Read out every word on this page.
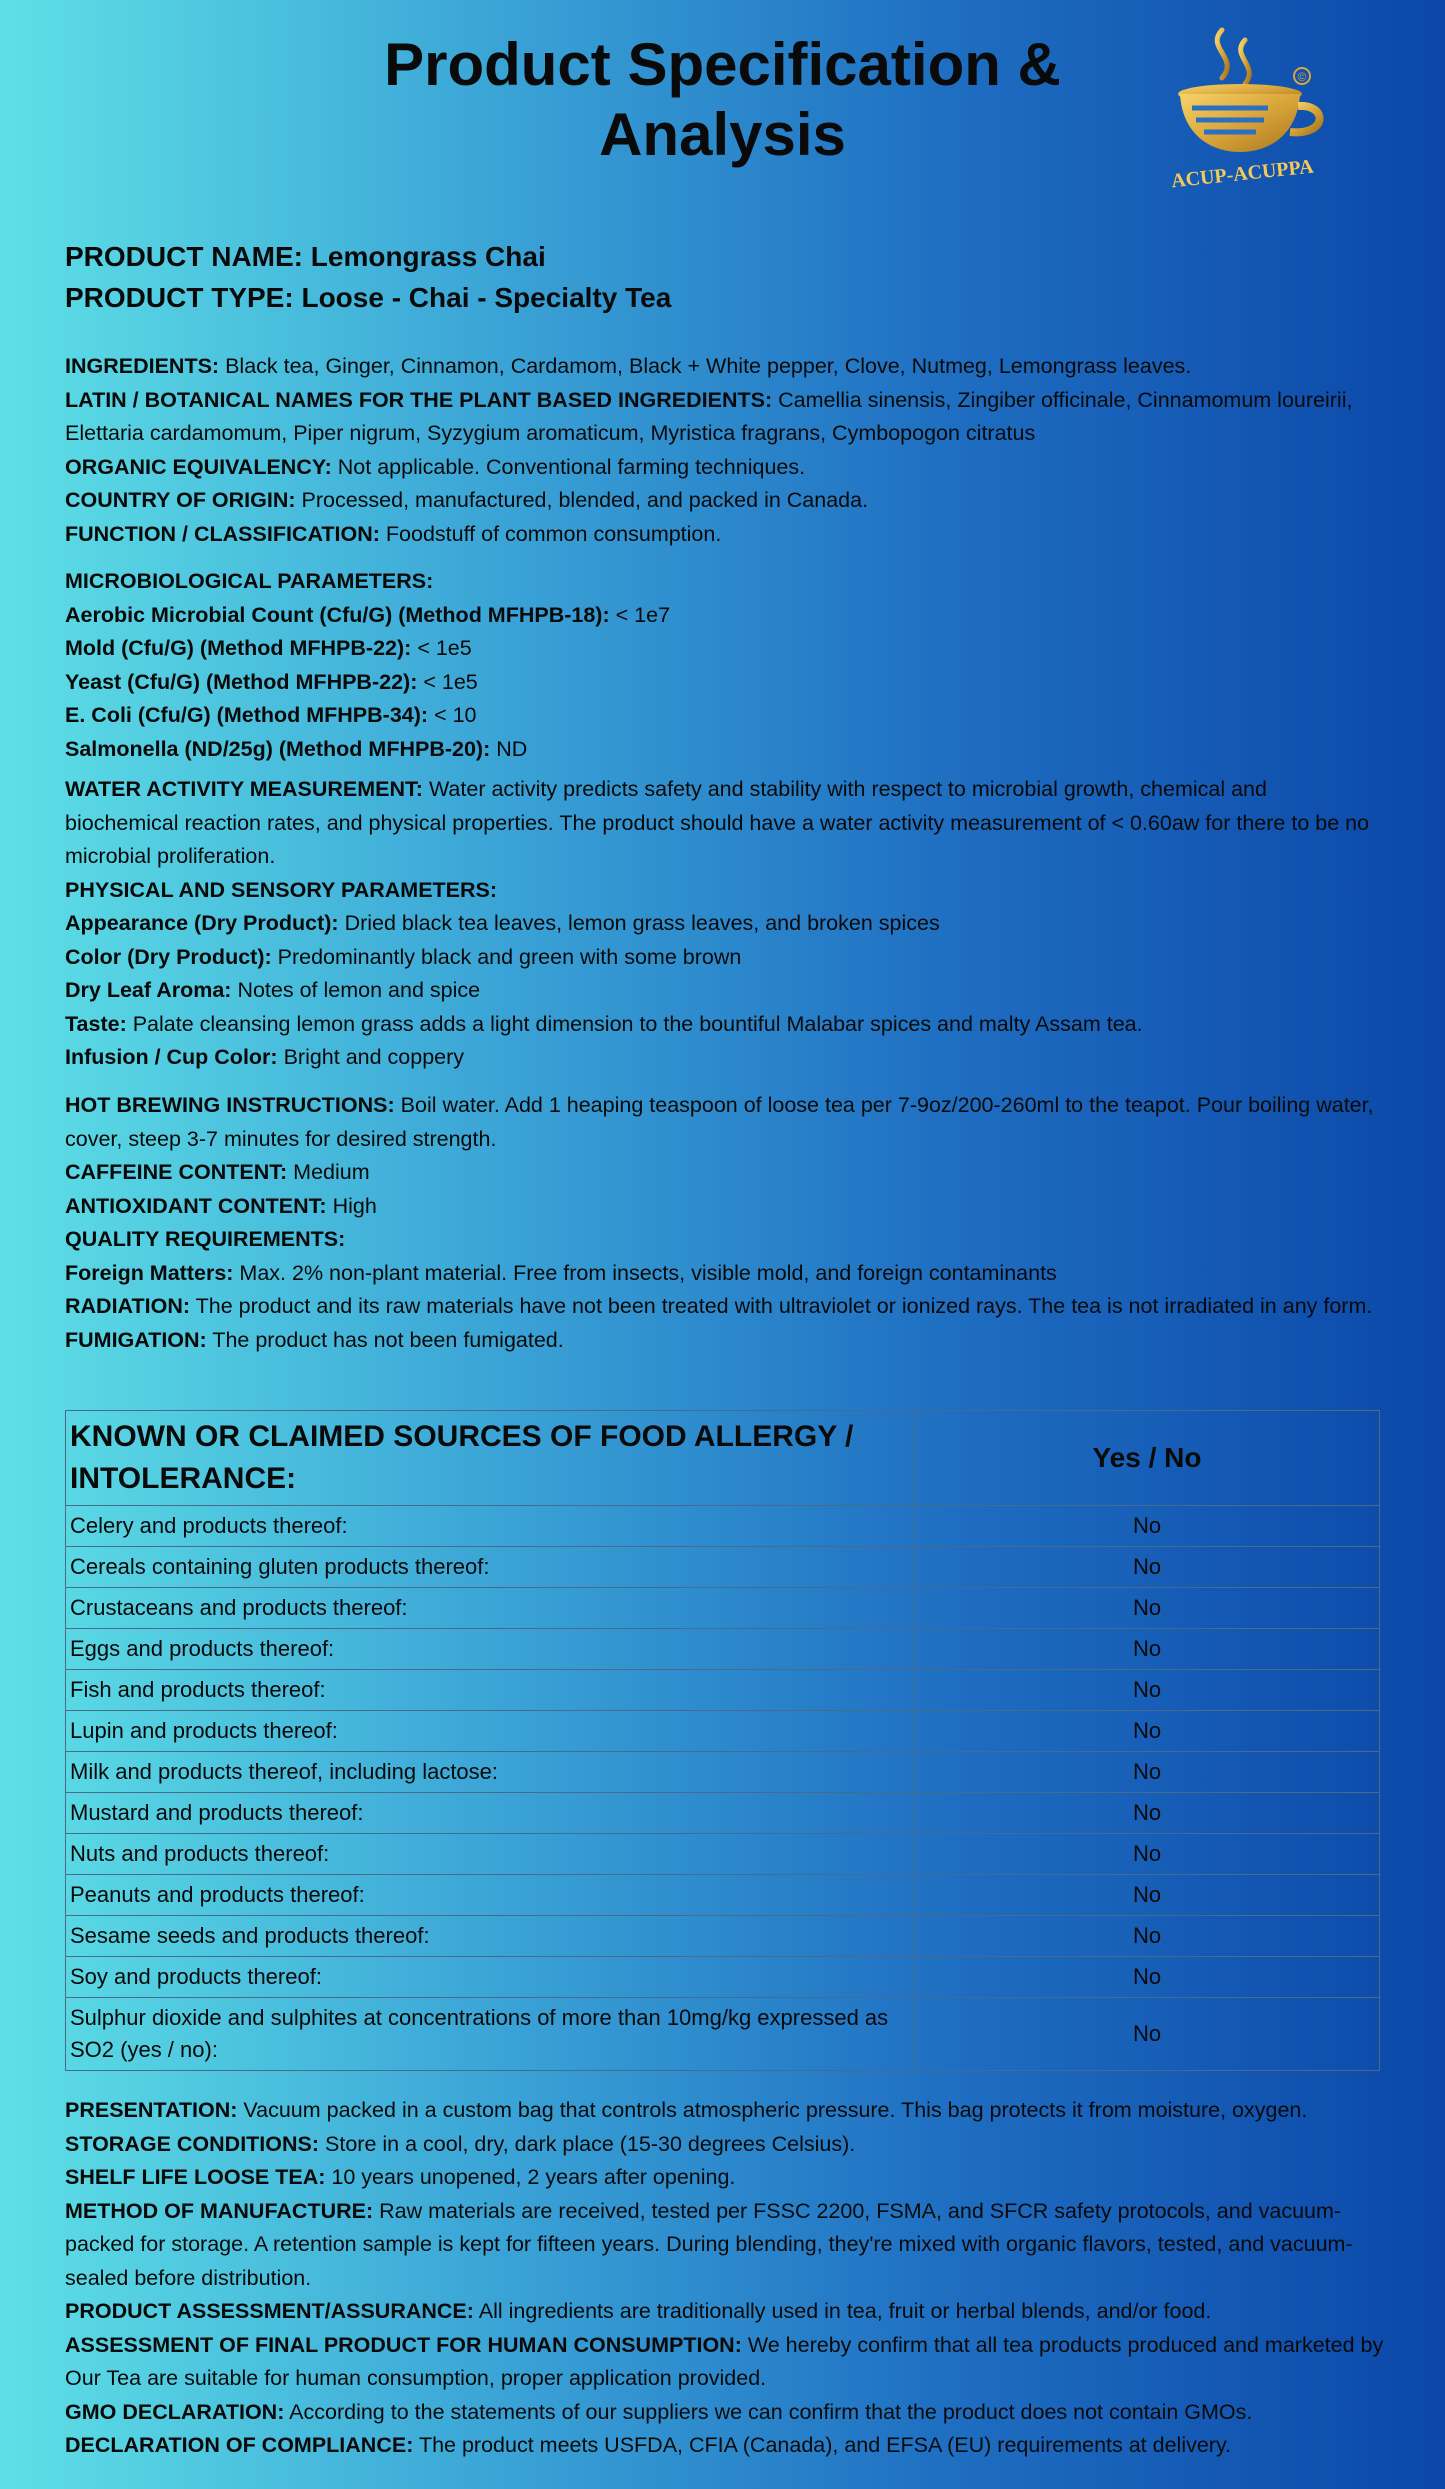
Product Specification &
Analysis
©
ACUP-ACUPPA
PRODUCT NAME: Lemongrass Chai
PRODUCT TYPE: Loose - Chai - Specialty Tea

INGREDIENTS: Black tea, Ginger, Cinnamon, Cardamom, Black + White pepper, Clove, Nutmeg, Lemongrass leaves.

LATIN / BOTANICAL NAMES FOR THE PLANT BASED INGREDIENTS: Camellia sinensis, Zingiber officinale, Cinnamomum loureirii, Elettaria cardamomum, Piper nigrum, Syzygium aromaticum, Myristica fragrans, Cymbopogon citratus

ORGANIC EQUIVALENCY: Not applicable. Conventional farming techniques.

COUNTRY OF ORIGIN: Processed, manufactured, blended, and packed in Canada.

FUNCTION / CLASSIFICATION: Foodstuff of common consumption.

MICROBIOLOGICAL PARAMETERS:

Aerobic Microbial Count (Cfu/G) (Method MFHPB-18): < 1e7

Mold (Cfu/G) (Method MFHPB-22): < 1e5

Yeast (Cfu/G) (Method MFHPB-22): < 1e5

E. Coli (Cfu/G) (Method MFHPB-34): < 10

Salmonella (ND/25g) (Method MFHPB-20): ND

WATER ACTIVITY MEASUREMENT: Water activity predicts safety and stability with respect to microbial growth, chemical and biochemical reaction rates, and physical properties. The product should have a water activity measurement of < 0.60aw for there to be no microbial proliferation.

PHYSICAL AND SENSORY PARAMETERS:

Appearance (Dry Product): Dried black tea leaves, lemon grass leaves, and broken spices

Color (Dry Product): Predominantly black and green with some brown

Dry Leaf Aroma: Notes of lemon and spice

Taste: Palate cleansing lemon grass adds a light dimension to the bountiful Malabar spices and malty Assam tea.

Infusion / Cup Color: Bright and coppery

HOT BREWING INSTRUCTIONS: Boil water. Add 1 heaping teaspoon of loose tea per 7-9oz/200-260ml to the teapot. Pour boiling water, cover, steep 3-7 minutes for desired strength.

CAFFEINE CONTENT: Medium

ANTIOXIDANT CONTENT: High

QUALITY REQUIREMENTS:

Foreign Matters: Max. 2% non-plant material. Free from insects, visible mold, and foreign contaminants

RADIATION: The product and its raw materials have not been treated with ultraviolet or ionized rays. The tea is not irradiated in any form.

FUMIGATION: The product has not been fumigated.

KNOWN OR CLAIMED SOURCES OF FOOD ALLERGY / INTOLERANCE:	Yes / No
Celery and products thereof:	No
Cereals containing gluten products thereof:	No
Crustaceans and products thereof:	No
Eggs and products thereof:	No
Fish and products thereof:	No
Lupin and products thereof:	No
Milk and products thereof, including lactose:	No
Mustard and products thereof:	No
Nuts and products thereof:	No
Peanuts and products thereof:	No
Sesame seeds and products thereof:	No
Soy and products thereof:	No
Sulphur dioxide and sulphites at concentrations of more than 10mg/kg expressed as SO2 (yes / no):	No

PRESENTATION: Vacuum packed in a custom bag that controls atmospheric pressure. This bag protects it from moisture, oxygen.

STORAGE CONDITIONS: Store in a cool, dry, dark place (15-30 degrees Celsius).

SHELF LIFE LOOSE TEA: 10 years unopened, 2 years after opening.

METHOD OF MANUFACTURE: Raw materials are received, tested per FSSC 2200, FSMA, and SFCR safety protocols, and vacuum-packed for storage. A retention sample is kept for fifteen years. During blending, they're mixed with organic flavors, tested, and vacuum-sealed before distribution.

PRODUCT ASSESSMENT/ASSURANCE: All ingredients are traditionally used in tea, fruit or herbal blends, and/or food.

ASSESSMENT OF FINAL PRODUCT FOR HUMAN CONSUMPTION: We hereby confirm that all tea products produced and marketed by Our Tea are suitable for human consumption, proper application provided.

GMO DECLARATION: According to the statements of our suppliers we can confirm that the product does not contain GMOs.

DECLARATION OF COMPLIANCE: The product meets USFDA, CFIA (Canada), and EFSA (EU) requirements at delivery.
